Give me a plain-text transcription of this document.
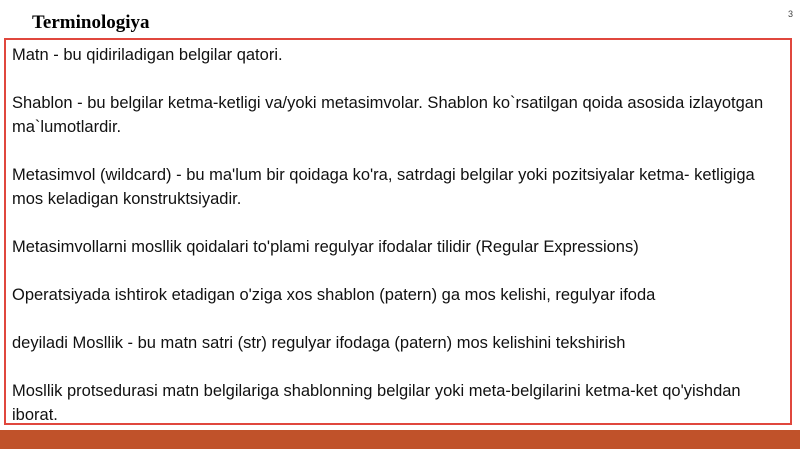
Terminologiya	3

Matn - bu qidiriladigan belgilar qatori.

Shablon - bu belgilar ketma-ketligi va/yoki metasimvolar. Shablon ko`rsatilgan qoida asosida izlayotgan ma`lumotlardir.

Metasimvol (wildcard) - bu ma'lum bir qoidaga ko'ra, satrdagi belgilar yoki pozitsiyalar ketma- ketligiga mos keladigan konstruktsiyadir.

Metasimvollarni mosllik qoidalari to'plami regulyar ifodalar tilidir (Regular Expressions)

Operatsiyada ishtirok etadigan o'ziga xos shablon (patern) ga mos kelishi, regulyar ifoda

deyiladi Mosllik - bu matn satri (str) regulyar ifodaga (patern) mos kelishini tekshirish

Mosllik protsedurasi matn belgilariga shablonning belgilar yoki meta-belgilarini ketma-ket qo'yishdan iborat.
